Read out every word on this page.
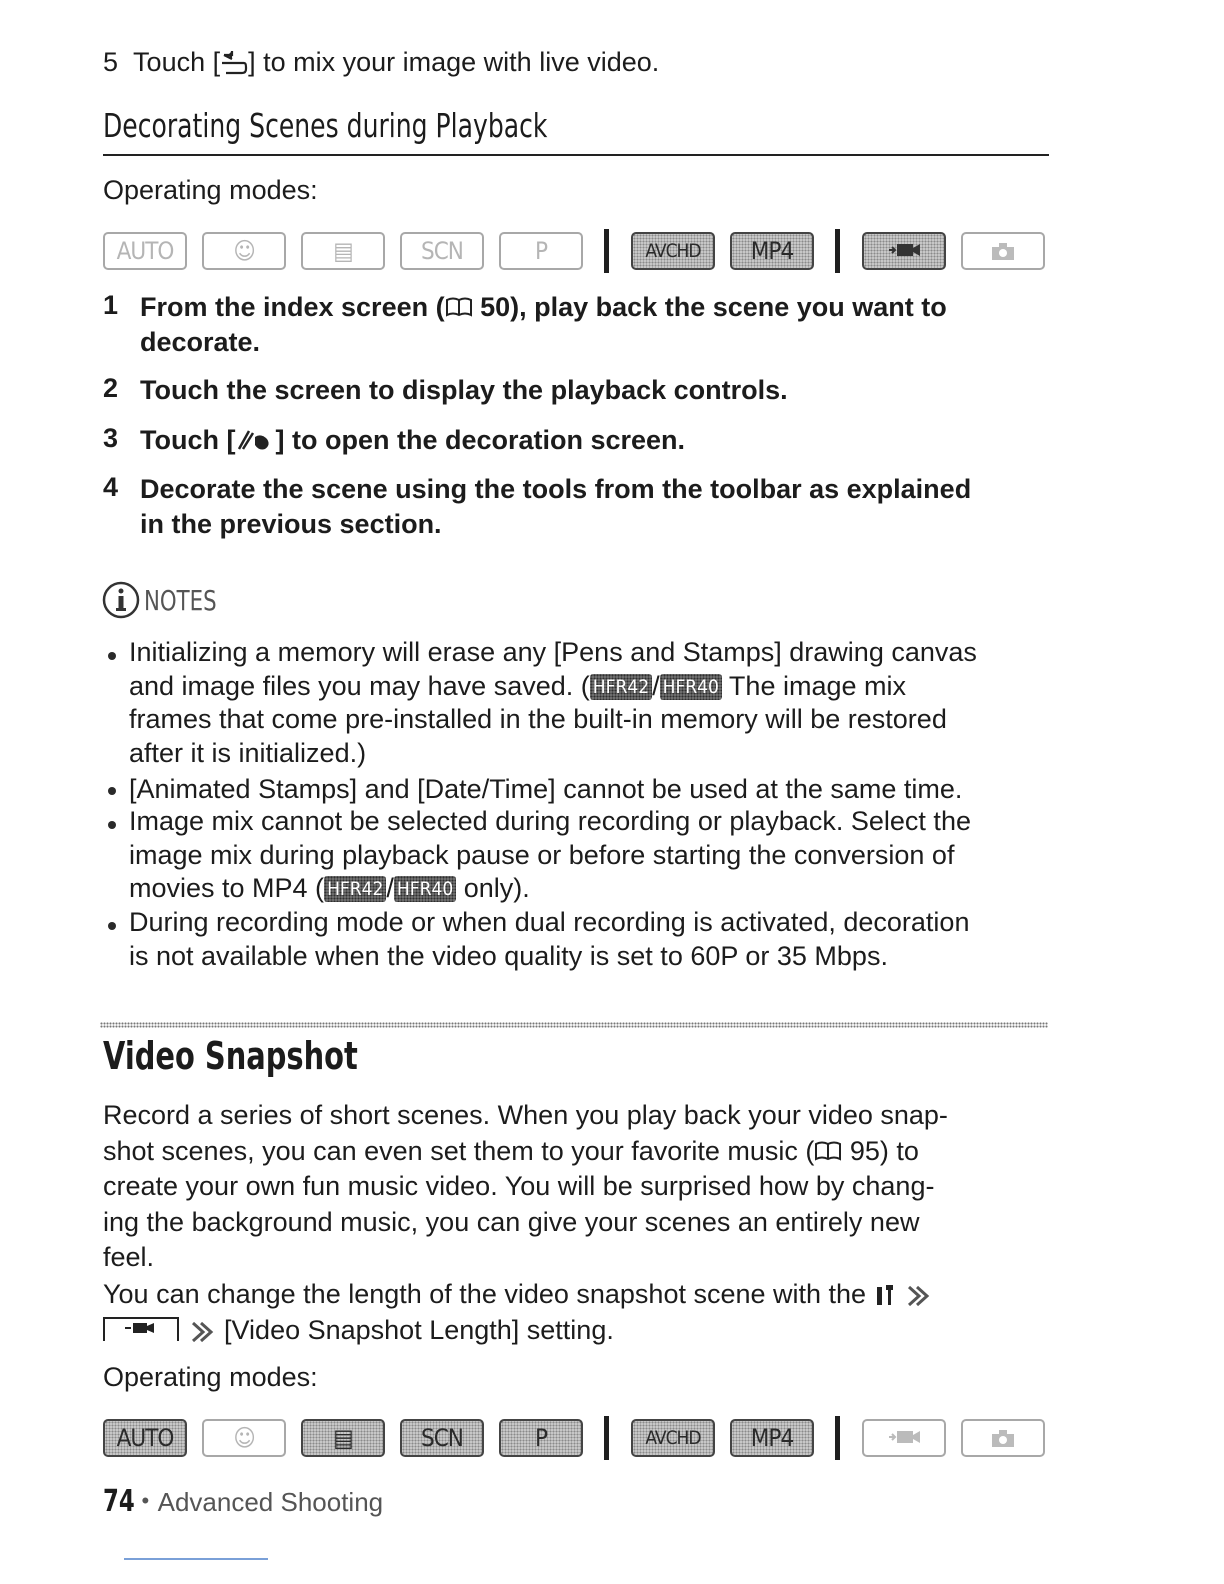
5 Touch [ ] to mix your image with live video.
Decorating Scenes during Playback
Operating modes:
AUTO	☺	▤	SCN	P	AVCHD	MP4
1 From the index screen ( 50), play back the scene you want to
decorate.
2 Touch the screen to display the playback controls.
3 Touch [ ] to open the decoration screen.
4 Decorate the scene using the tools from the toolbar as explained
in the previous section.
NOTES
Initializing a memory will erase any [Pens and Stamps] drawing canvas
and image files you may have saved. ( HFR42 / HFR40 The image mix
frames that come pre-installed in the built-in memory will be restored
after it is initialized.)
[Animated Stamps] and [Date/Time] cannot be used at the same time.
Image mix cannot be selected during recording or playback. Select the
image mix during playback pause or before starting the conversion of
movies to MP4 ( HFR42 / HFR40 only).
During recording mode or when dual recording is activated, decoration
is not available when the video quality is set to 60P or 35 Mbps.
Video Snapshot
Record a series of short scenes. When you play back your video snap-
shot scenes, you can even set them to your favorite music ( 95) to
create your own fun music video. You will be surprised how by chang-
ing the background music, you can give your scenes an entirely new
feel.
You can change the length of the video snapshot scene with the

[Video Snapshot Length] setting.
Operating modes:
AUTO	☺	▤	SCN	P	AVCHD	MP4
74 • Advanced Shooting
